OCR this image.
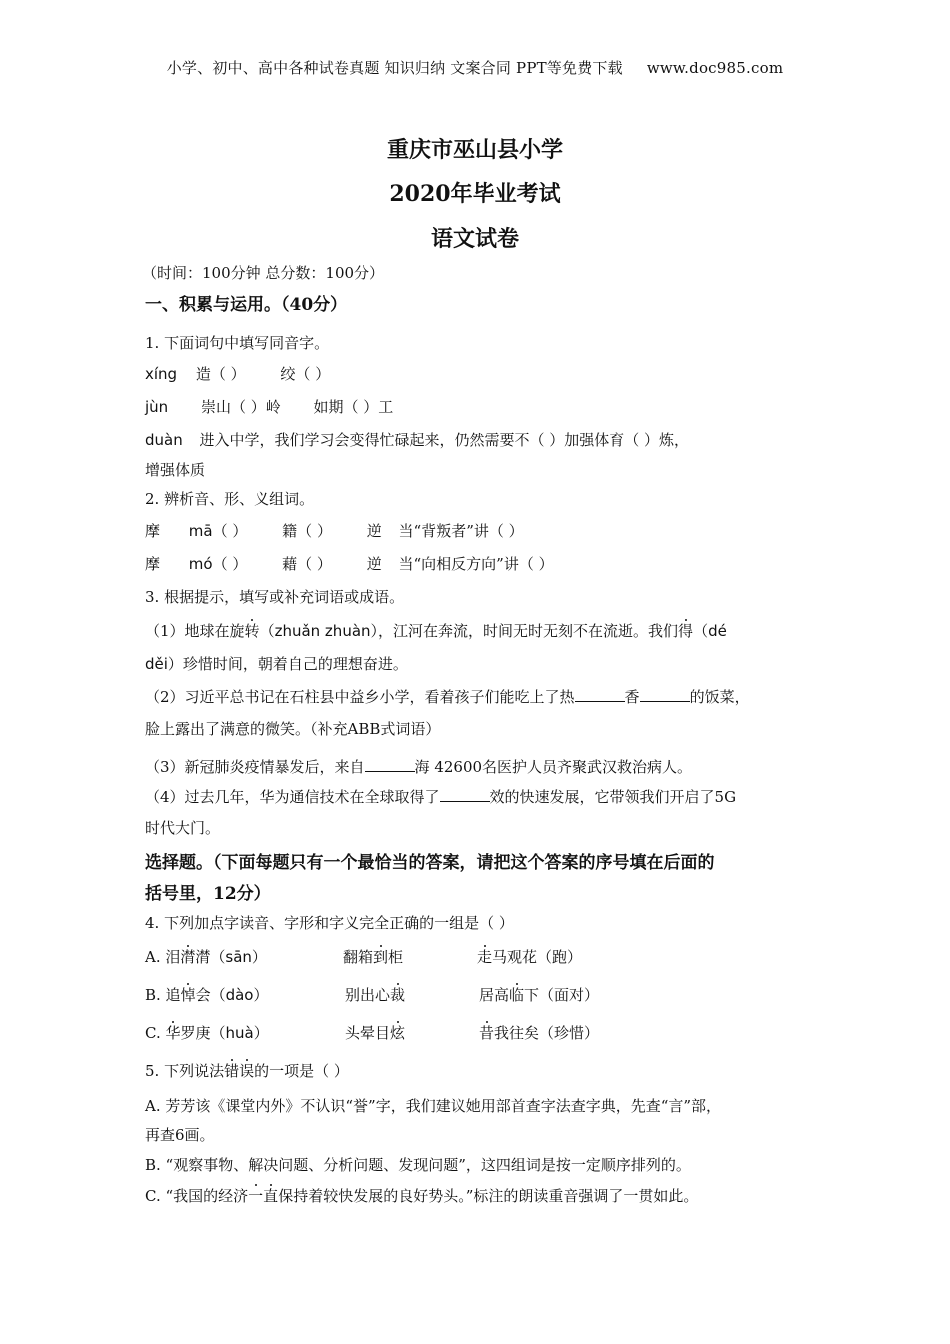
小学、初中、高中各种试卷真题 知识归纳 文案合同 PPT等免费下载 www.doc985.com
重庆市巫山县小学
2020年毕业考试
语文试卷
（时间：100分钟 总分数：100分）
一、积累与运用。（40分）
1. 下面词句中填写同音字。
xíng 造（ ） 绞（ ）
jùn 崇山（ ）岭 如期（ ）工
duàn 进入中学，我们学习会变得忙碌起来，仍然需要不（ ）加强体育（ ）炼，
增强体质
2. 辨析音、形、义组词。
摩 mā（ ） 籍（ ） 逆 当“背叛者”讲（ ）
摩 mó（ ） 藉（ ） 逆 当“向相反方向”讲（ ）
3. 根据提示，填写或补充词语或成语。
（1）地球在旋转（zhuǎn zhuàn），江河在奔流，时间无时无刻不在流逝。我们得（dé
děi）珍惜时间，朝着自己的理想奋进。
（2）习近平总书记在石柱县中益乡小学，看着孩子们能吃上了热	香	的饭菜，
脸上露出了满意的微笑。（补充ABB式词语）
（3）新冠肺炎疫情暴发后，来自	海 42600名医护人员齐聚武汉救治病人。
（4）过去几年，华为通信技术在全球取得了	效的快速发展，它带领我们开启了5G
时代大门。
选择题。（下面每题只有一个最恰当的答案，请把这个答案的序号填在后面的
括号里，12分）
4. 下列加点字读音、字形和字义完全正确的一组是（ ）
A. 泪潸潸（sān）	翻箱到柜	走马观花（跑）
B. 追悼会（dào）	别出心裁	居高临下（面对）
C. 华罗庚（huà）	头晕目炫	昔我往矣（珍惜）
5. 下列说法错误的一项是（ ）
A. 芳芳该《课堂内外》不认识“誉”字，我们建议她用部首查字法查字典，先查“言”部，
再查6画。
B. “观察事物、解决问题、分析问题、发现问题”，这四组词是按一定顺序排列的。
C. “我国的经济一直保持着较快发展的良好势头。”标注的朗读重音强调了一贯如此。
